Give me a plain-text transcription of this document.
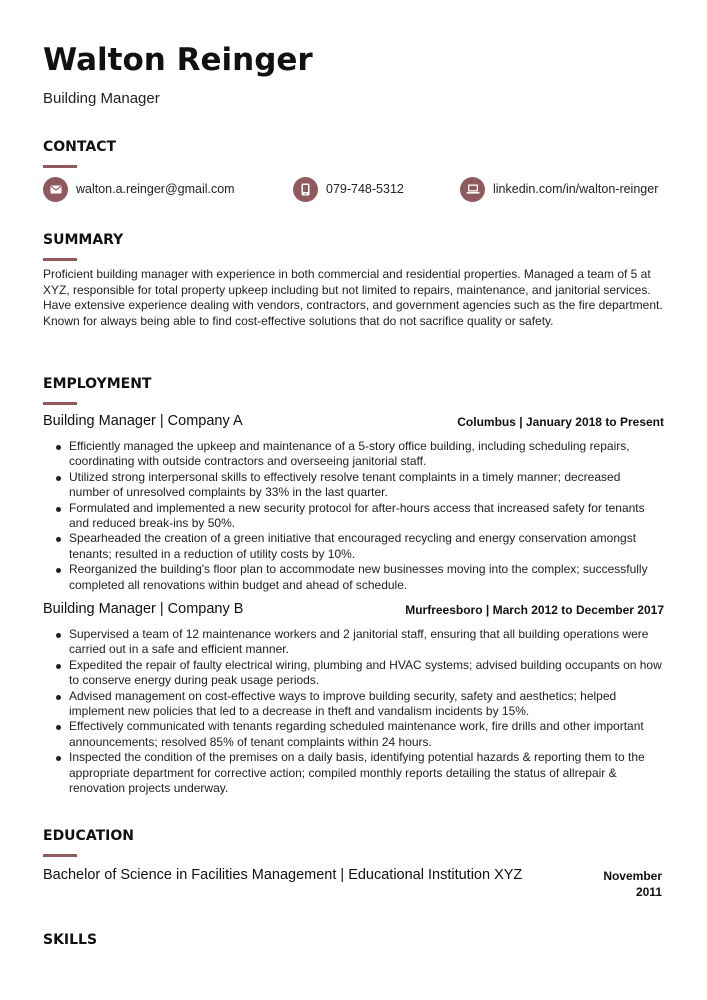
Walton Reinger
Building Manager
CONTACT
walton.a.reinger@gmail.com	079-748-5312	linkedin.com/in/walton-reinger
SUMMARY
Proficient building manager with experience in both commercial and residential properties. Managed a team of 5 at XYZ, responsible for total property upkeep including but not limited to repairs, maintenance, and janitorial services. Have extensive experience dealing with vendors, contractors, and government agencies such as the fire department. Known for always being able to find cost-effective solutions that do not sacrifice quality or safety.
EMPLOYMENT
Building Manager | Company A	Columbus | January 2018 to Present
Efficiently managed the upkeep and maintenance of a 5-story office building, including scheduling repairs, coordinating with outside contractors and overseeing janitorial staff.
Utilized strong interpersonal skills to effectively resolve tenant complaints in a timely manner; decreased number of unresolved complaints by 33% in the last quarter.
Formulated and implemented a new security protocol for after-hours access that increased safety for tenants and reduced break-ins by 50%.
Spearheaded the creation of a green initiative that encouraged recycling and energy conservation amongst tenants; resulted in a reduction of utility costs by 10%.
Reorganized the building's floor plan to accommodate new businesses moving into the complex; successfully completed all renovations within budget and ahead of schedule.
Building Manager | Company B	Murfreesboro | March 2012 to December 2017
Supervised a team of 12 maintenance workers and 2 janitorial staff, ensuring that all building operations were carried out in a safe and efficient manner.
Expedited the repair of faulty electrical wiring, plumbing and HVAC systems; advised building occupants on how to conserve energy during peak usage periods.
Advised management on cost-effective ways to improve building security, safety and aesthetics; helped implement new policies that led to a decrease in theft and vandalism incidents by 15%.
Effectively communicated with tenants regarding scheduled maintenance work, fire drills and other important announcements; resolved 85% of tenant complaints within 24 hours.
Inspected the condition of the premises on a daily basis, identifying potential hazards & reporting them to the appropriate department for corrective action; compiled monthly reports detailing the status of allrepair & renovation projects underway.
EDUCATION
Bachelor of Science in Facilities Management | Educational Institution XYZ	November 2011
SKILLS
